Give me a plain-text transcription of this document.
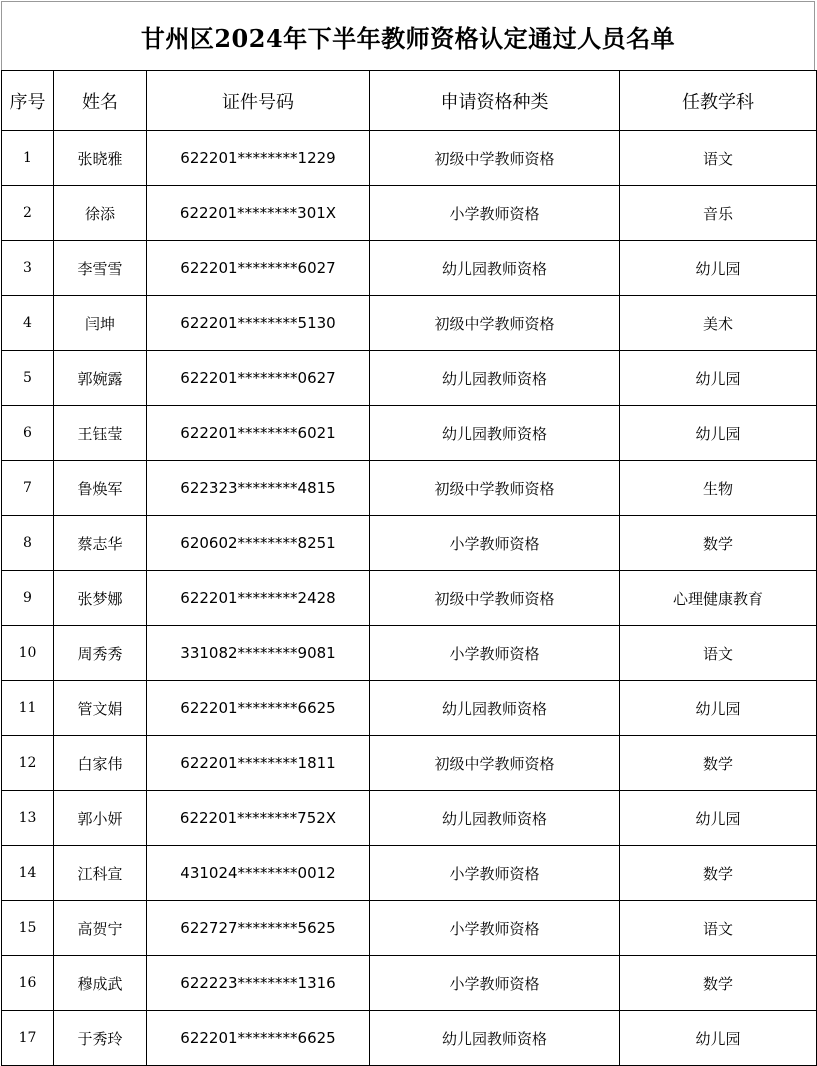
甘州区2024年下半年教师资格认定通过人员名单
序号	姓名	证件号码	申请资格种类	任教学科
1	张晓雅	622201********1229	初级中学教师资格	语文
2	徐添	622201********301X	小学教师资格	音乐
3	李雪雪	622201********6027	幼儿园教师资格	幼儿园
4	闫坤	622201********5130	初级中学教师资格	美术
5	郭婉露	622201********0627	幼儿园教师资格	幼儿园
6	王钰莹	622201********6021	幼儿园教师资格	幼儿园
7	鲁焕军	622323********4815	初级中学教师资格	生物
8	蔡志华	620602********8251	小学教师资格	数学
9	张梦娜	622201********2428	初级中学教师资格	心理健康教育
10	周秀秀	331082********9081	小学教师资格	语文
11	管文娟	622201********6625	幼儿园教师资格	幼儿园
12	白家伟	622201********1811	初级中学教师资格	数学
13	郭小妍	622201********752X	幼儿园教师资格	幼儿园
14	江科宣	431024********0012	小学教师资格	数学
15	高贺宁	622727********5625	小学教师资格	语文
16	穆成武	622223********1316	小学教师资格	数学
17	于秀玲	622201********6625	幼儿园教师资格	幼儿园
